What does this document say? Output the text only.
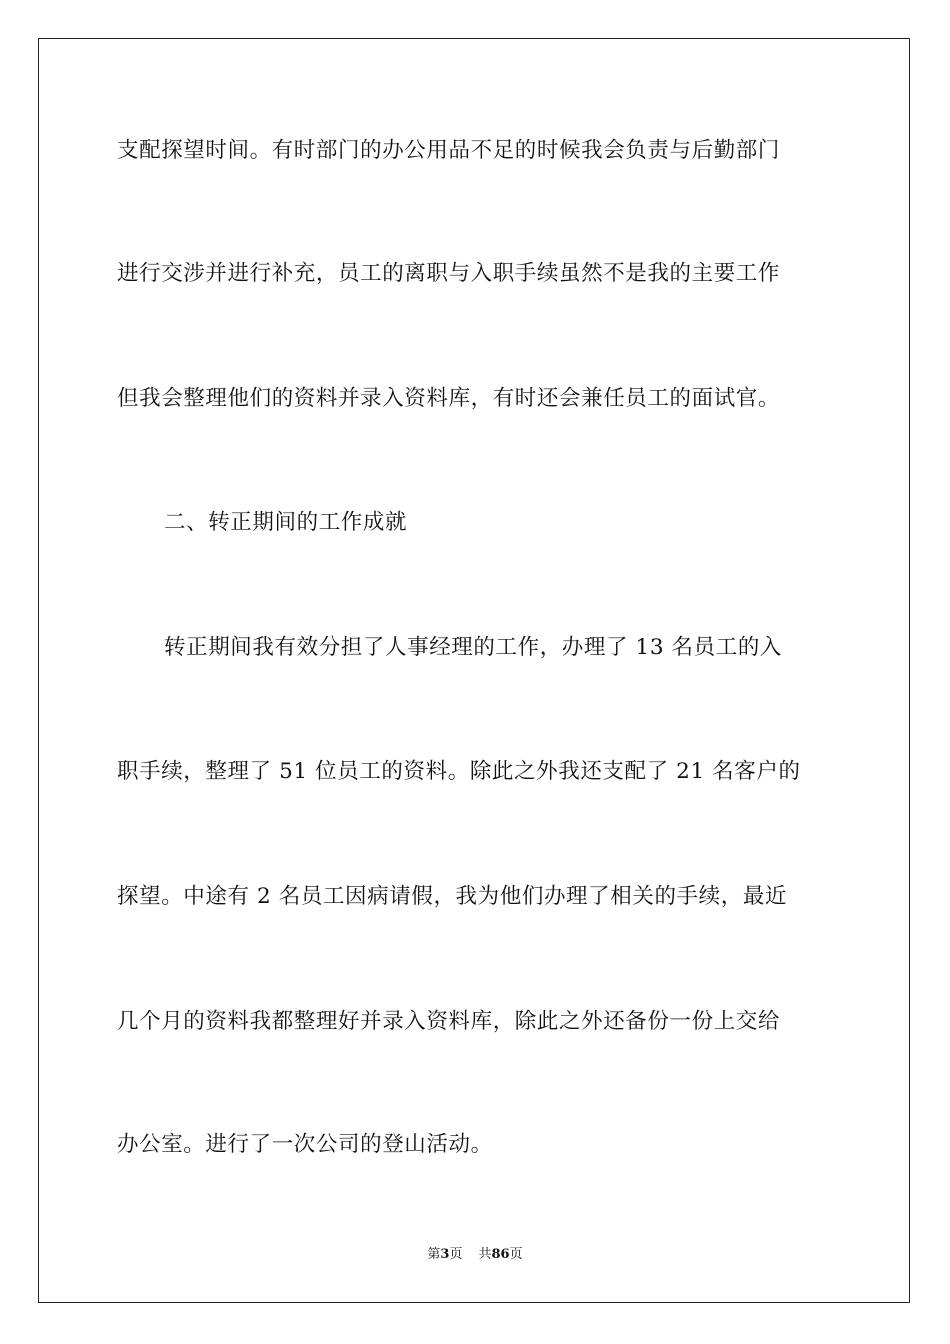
支配探望时间。有时部门的办公用品不足的时候我会负责与后勤部门
进行交涉并进行补充，员工的离职与入职手续虽然不是我的主要工作
但我会整理他们的资料并录入资料库，有时还会兼任员工的面试官。
二、转正期间的工作成就
转正期间我有效分担了人事经理的工作，办理了 13 名员工的入
职手续，整理了 51 位员工的资料。除此之外我还支配了 21 名客户的
探望。中途有 2 名员工因病请假，我为他们办理了相关的手续，最近
几个月的资料我都整理好并录入资料库，除此之外还备份一份上交给
办公室。进行了一次公司的登山活动。
第3页 共86页
